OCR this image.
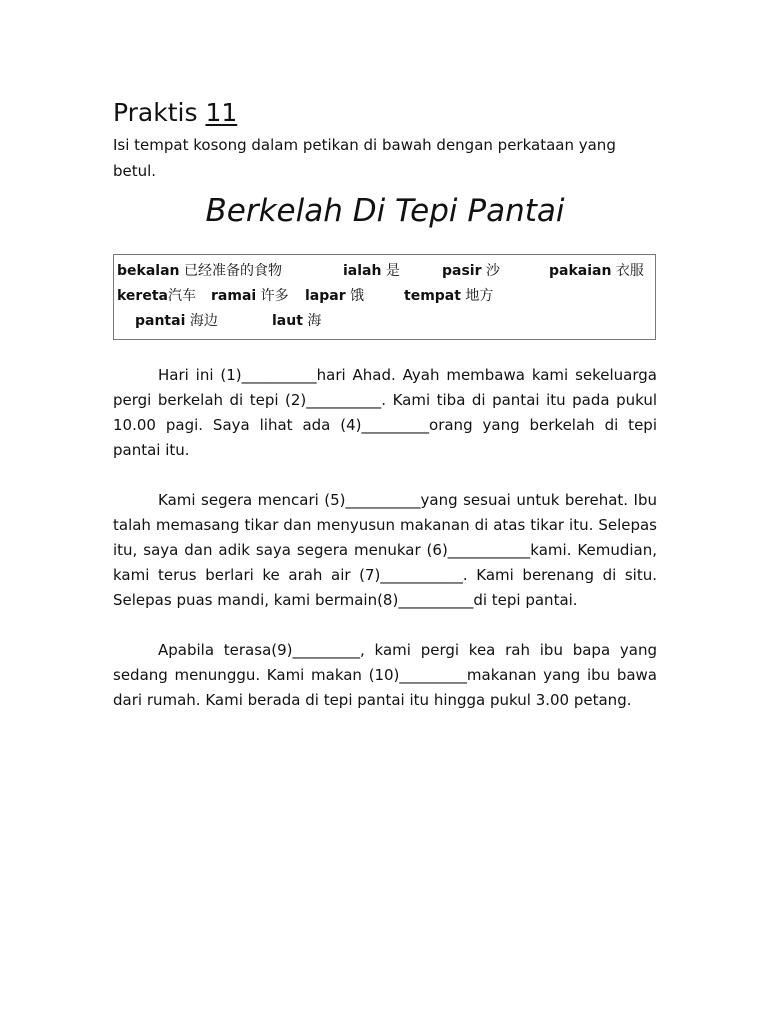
Praktis 11

Isi tempat kosong dalam petikan di bawah dengan perkataan yang betul.

Berkelah Di Tepi Pantai
bekalan 已经准备的食物	ialah 是	pasir 沙	pakaian 衣服
kereta汽车 ramai 许多 lapar 饿	tempat 地方
pantai 海边	laut 海

Hari ini (1)__________hari Ahad. Ayah membawa kami sekeluarga pergi berkelah di tepi (2)__________. Kami tiba di pantai itu pada pukul 10.00 pagi. Saya lihat ada (4)_________orang yang berkelah di tepi pantai itu.

Kami segera mencari (5)__________yang sesuai untuk berehat. Ibu talah memasang tikar dan menyusun makanan di atas tikar itu. Selepas itu, saya dan adik saya segera menukar (6)___________kami. Kemudian, kami terus berlari ke arah air (7)___________. Kami berenang di situ. Selepas puas mandi, kami bermain(8)__________di tepi pantai.

Apabila terasa(9)_________, kami pergi kea rah ibu bapa yang sedang menunggu. Kami makan (10)_________makanan yang ibu bawa dari rumah. Kami berada di tepi pantai itu hingga pukul 3.00 petang.
